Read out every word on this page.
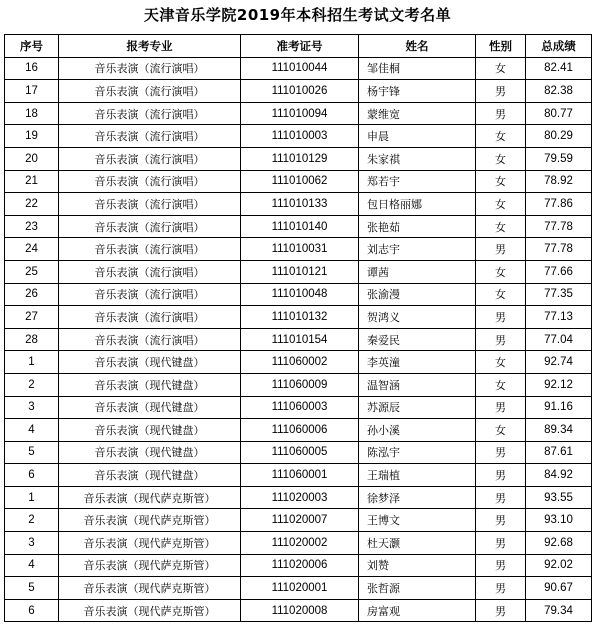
天津音乐学院2019年本科招生考试文考名单
序号	报考专业	准考证号	姓名	性别	总成绩
16	音乐表演（流行演唱）	111010044	邹佳桐	女	82.41
17	音乐表演（流行演唱）	111010026	杨宇锋	男	82.38
18	音乐表演（流行演唱）	111010094	蒙维宽	男	80.77
19	音乐表演（流行演唱）	111010003	申晨	女	80.29
20	音乐表演（流行演唱）	111010129	朱家祺	女	79.59
21	音乐表演（流行演唱）	111010062	郑若宇	女	78.92
22	音乐表演（流行演唱）	111010133	包日格丽娜	女	77.86
23	音乐表演（流行演唱）	111010140	张艳茹	女	77.78
24	音乐表演（流行演唱）	111010031	刘志宇	男	77.78
25	音乐表演（流行演唱）	111010121	谭茜	女	77.66
26	音乐表演（流行演唱）	111010048	张渝漫	女	77.35
27	音乐表演（流行演唱）	111010132	贺鸿义	男	77.13
28	音乐表演（流行演唱）	111010154	秦爱民	男	77.04
1	音乐表演（现代键盘）	111060002	李英潼	女	92.74
2	音乐表演（现代键盘）	111060009	温智涵	女	92.12
3	音乐表演（现代键盘）	111060003	苏源辰	男	91.16
4	音乐表演（现代键盘）	111060006	孙小溪	女	89.34
5	音乐表演（现代键盘）	111060005	陈泓宇	男	87.61
6	音乐表演（现代键盘）	111060001	王瑞植	男	84.92
1	音乐表演（现代萨克斯管）	111020003	徐梦泽	男	93.55
2	音乐表演（现代萨克斯管）	111020007	王博文	男	93.10
3	音乐表演（现代萨克斯管）	111020002	杜天灏	男	92.68
4	音乐表演（现代萨克斯管）	111020006	刘赞	男	92.02
5	音乐表演（现代萨克斯管）	111020001	张哲源	男	90.67
6	音乐表演（现代萨克斯管）	111020008	房富观	男	79.34
